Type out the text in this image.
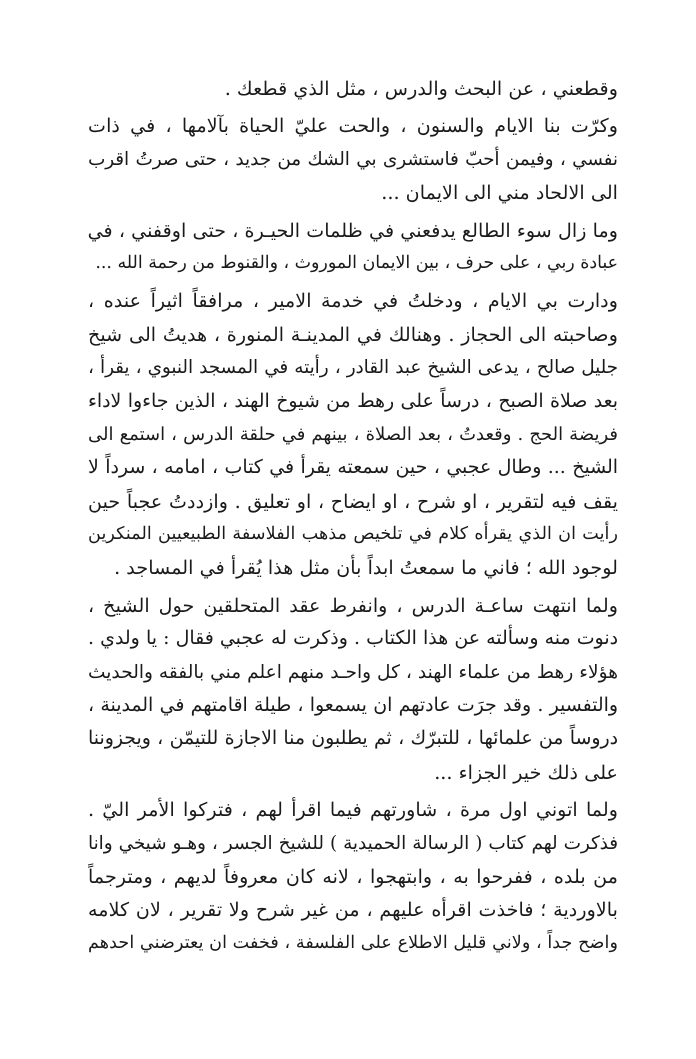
وقطعني ، عن البحث والدرس ، مثل الذي قطعك .
وكرّت بنا الايام والسنون ، والحت عليّ الحياة بآلامها ، في ذات
نفسي ، وفيمن أحبّ فاستشرى بي الشك من جديد ، حتى صرتُ اقرب
الى الالحاد مني الى الايمان ...
وما زال سوء الطالع يدفعني في ظلمات الحيـرة ، حتى اوقفني ، في
عبادة ربي ، على حرف ، بين الايمان الموروث ، والقنوط من رحمة الله ...
ودارت بي الايام ، ودخلتُ في خدمة الامير ، مرافقاً اثيراً عنده ،
وصاحبته الى الحجاز . وهنالك في المدينـة المنورة ، هديتُ الى شيخ
جليل صالح ، يدعى الشيخ عبد القادر ، رأيته في المسجد النبوي ، يقرأ ،
بعد صلاة الصبح ، درساً على رهط من شيوخ الهند ، الذين جاءوا لاداء
فريضة الحج . وقعدتُ ، بعد الصلاة ، بينهم في حلقة الدرس ، استمع الى
الشيخ ... وطال عجبي ، حين سمعته يقرأ في كتاب ، امامه ، سرداً لا
يقف فيه لتقرير ، او شرح ، او ايضاح ، او تعليق . وازددتُ عجباً حين
رأيت ان الذي يقرأه كلام في تلخيص مذهب الفلاسفة الطبيعيين المنكرين
لوجود الله ؛ فاني ما سمعتُ ابداً بأن مثل هذا يُقرأ في المساجد .
ولما انتهت ساعـة الدرس ، وانفرط عقد المتحلقين حول الشيخ ،
دنوت منه وسألته عن هذا الكتاب . وذكرت له عجبي فقال : يا ولدي .
هؤلاء رهط من علماء الهند ، كل واحـد منهم اعلم مني بالفقه والحديث
والتفسير . وقد جرَت عادتهم ان يسمعوا ، طيلة اقامتهم في المدينة ،
دروساً من علمائها ، للتبرّك ، ثم يطلبون منا الاجازة للتيمّن ، ويجزوننا
على ذلك خير الجزاء ...
ولما اتوني اول مرة ، شاورتهم فيما اقرأ لهم ، فتركوا الأمر اليّ .
فذكرت لهم كتاب ( الرسالة الحميدية ) للشيخ الجسر ، وهـو شيخي وانا
من بلده ، ففرحوا به ، وابتهجوا ، لانه كان معروفاً لديهم ، ومترجماً
بالاوردية ؛ فاخذت اقرأه عليهم ، من غير شرح ولا تقرير ، لان كلامه
واضح جداً ، ولاني قليل الاطلاع على الفلسفة ، فخفت ان يعترضني احدهم
